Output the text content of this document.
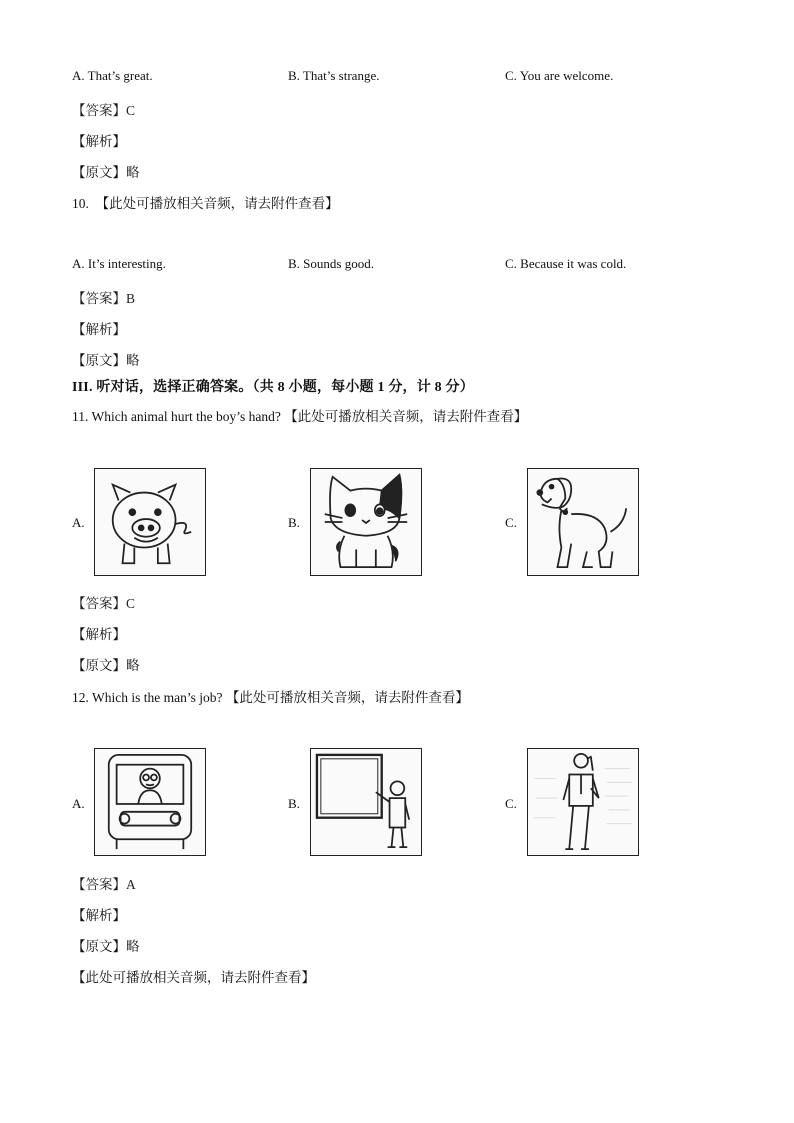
A. That’s great.	B. That’s strange.	C. You are welcome.
【答案】C
【解析】
【原文】略
10.　【此处可播放相关音频，请去附件查看】
A. It’s interesting.	B. Sounds good.	C. Because it was cold.
【答案】B
【解析】
【原文】略
III. 听对话，选择正确答案。（共 8 小题，每小题 1 分，计 8 分）
11. Which animal hurt the boy’s hand? 【此处可播放相关音频，请去附件查看】
A.	B.	C.
【答案】C
【解析】
【原文】略
12. Which is the man’s job? 【此处可播放相关音频，请去附件查看】
A.	B.	C.
【答案】A
【解析】
【原文】略
【此处可播放相关音频，请去附件查看】
